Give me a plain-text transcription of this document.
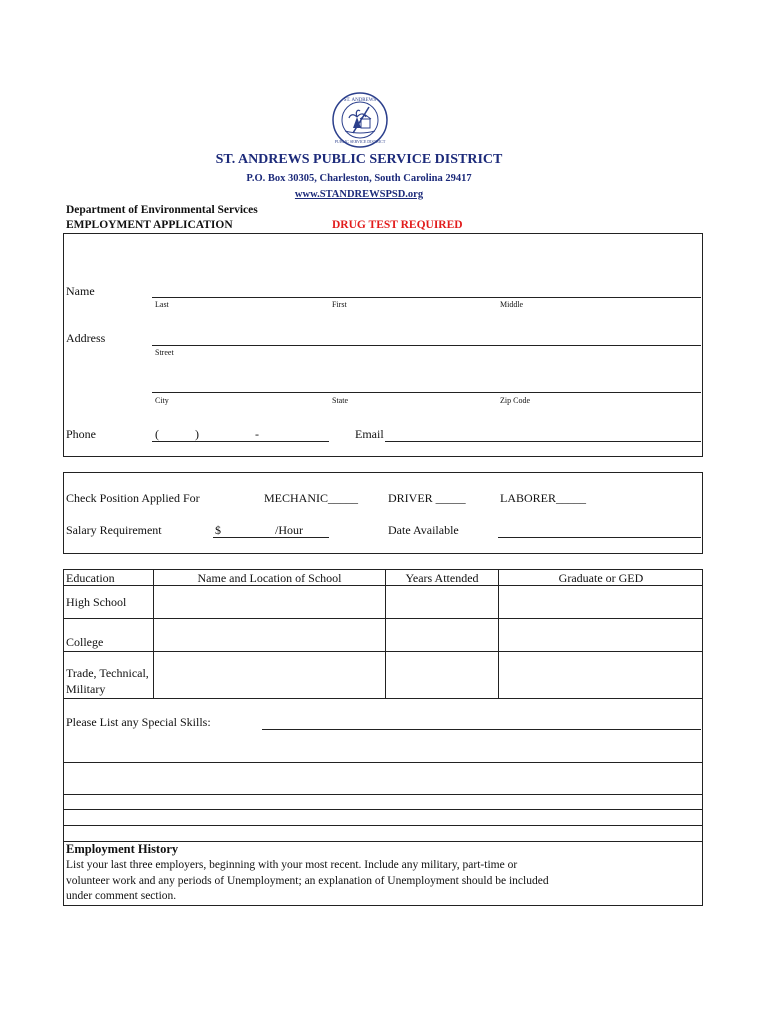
ST. ANDREWS
PUBLIC SERVICE DISTRICT
ST. ANDREWS PUBLIC SERVICE DISTRICT
P.O. Box 30305, Charleston, South Carolina 29417
www.STANDREWSPSD.org
Department of Environmental Services
EMPLOYMENT APPLICATION	DRUG TEST REQUIRED
Name
Last	First	Middle
Address
Street
City	State	Zip Code
Phone	(	)	-	Email
Check Position Applied For	MECHANIC_____ DRIVER _____	LABORER_____
Salary Requirement	$	/Hour	Date Available
Education	Name and Location of School	Years Attended	Graduate or GED
High School
College
Trade, Technical,
Military
Please List any Special Skills:
Employment History
List your last three employers, beginning with your most recent. Include any military, part-time or
volunteer work and any periods of Unemployment; an explanation of Unemployment should be included
under comment section.
